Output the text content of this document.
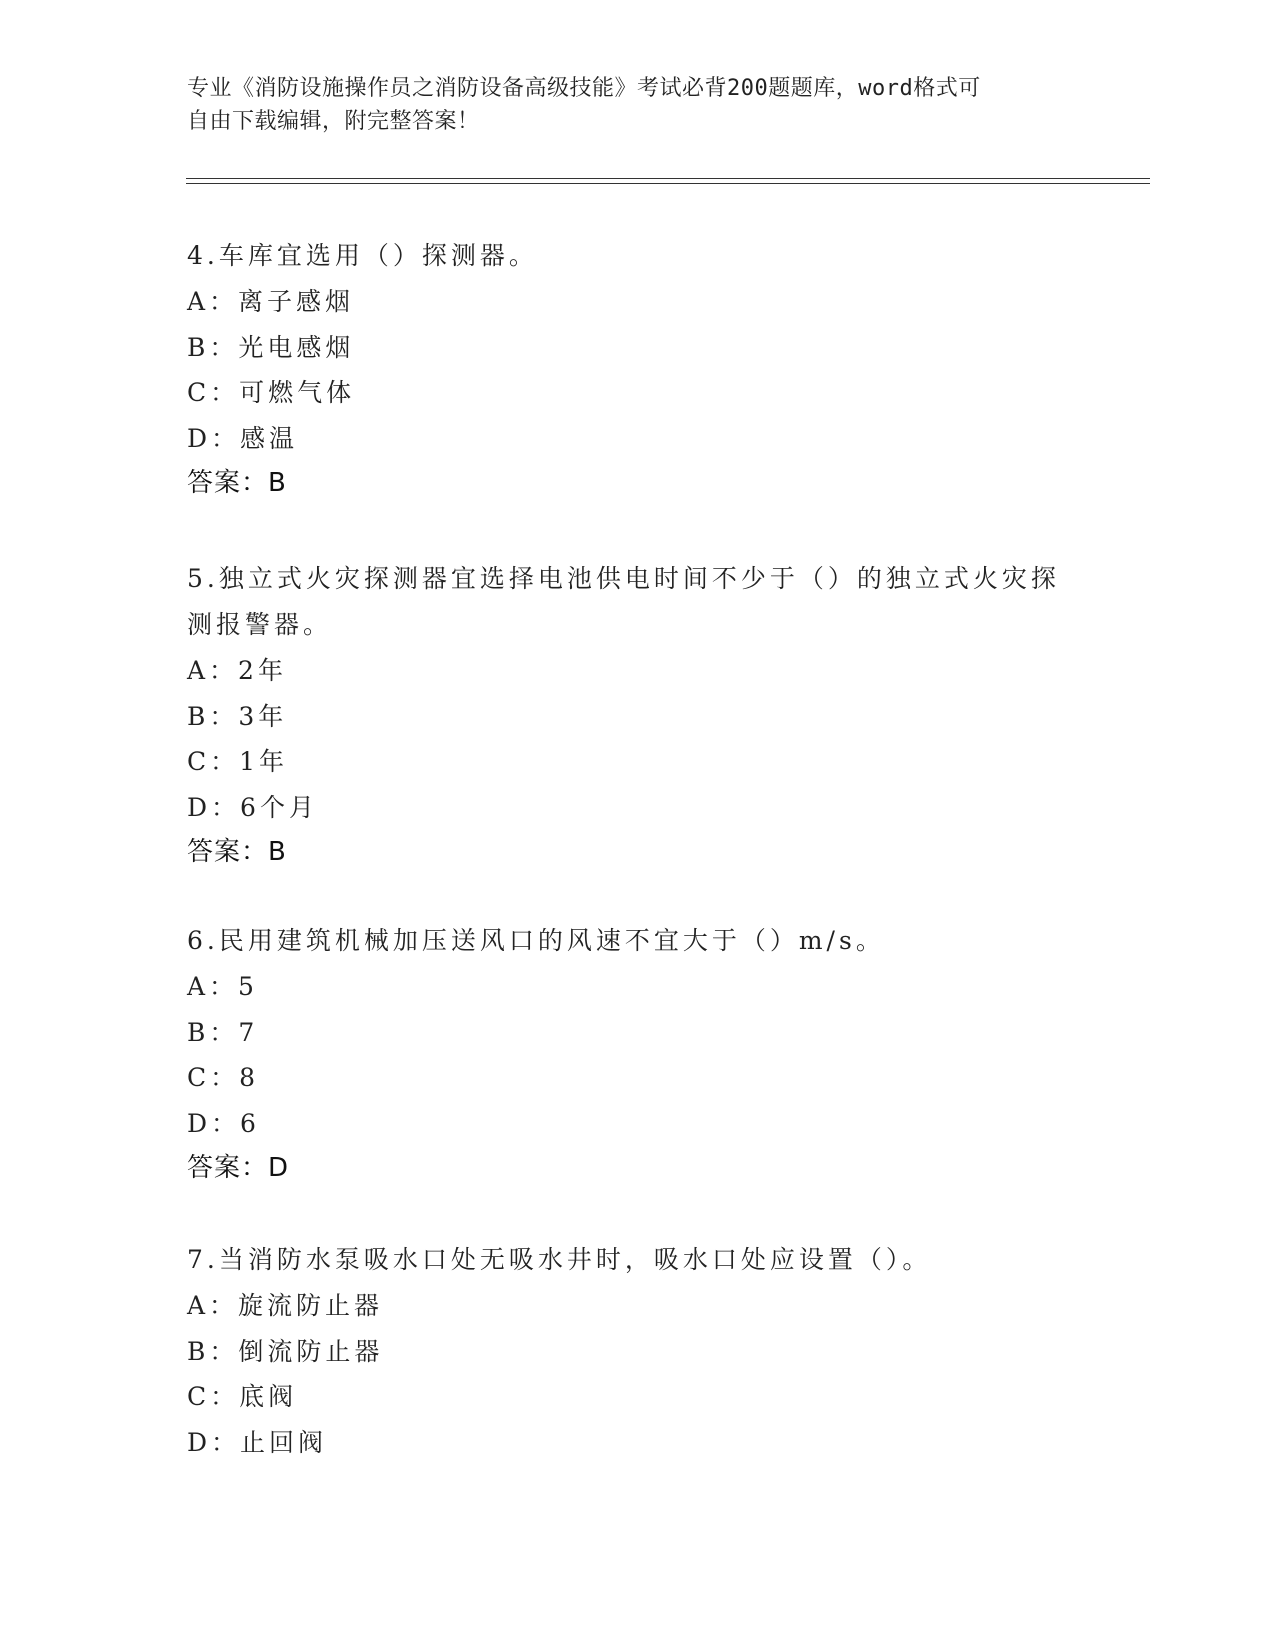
专业《消防设施操作员之消防设备高级技能》考试必背200题题库，word格式可
自由下载编辑，附完整答案！

4.车库宜选用（）探测器。

A：离子感烟

B：光电感烟

C：可燃气体

D：感温

答案：B

5.独立式火灾探测器宜选择电池供电时间不少于（）的独立式火灾探

测报警器。

A：2年

B：3年

C：1年

D：6个月

答案：B

6.民用建筑机械加压送风口的风速不宜大于（）m/s。

A：5

B：7

C：8

D：6

答案：D

7.当消防水泵吸水口处无吸水井时，吸水口处应设置（）。

A：旋流防止器

B：倒流防止器

C：底阀

D：止回阀
